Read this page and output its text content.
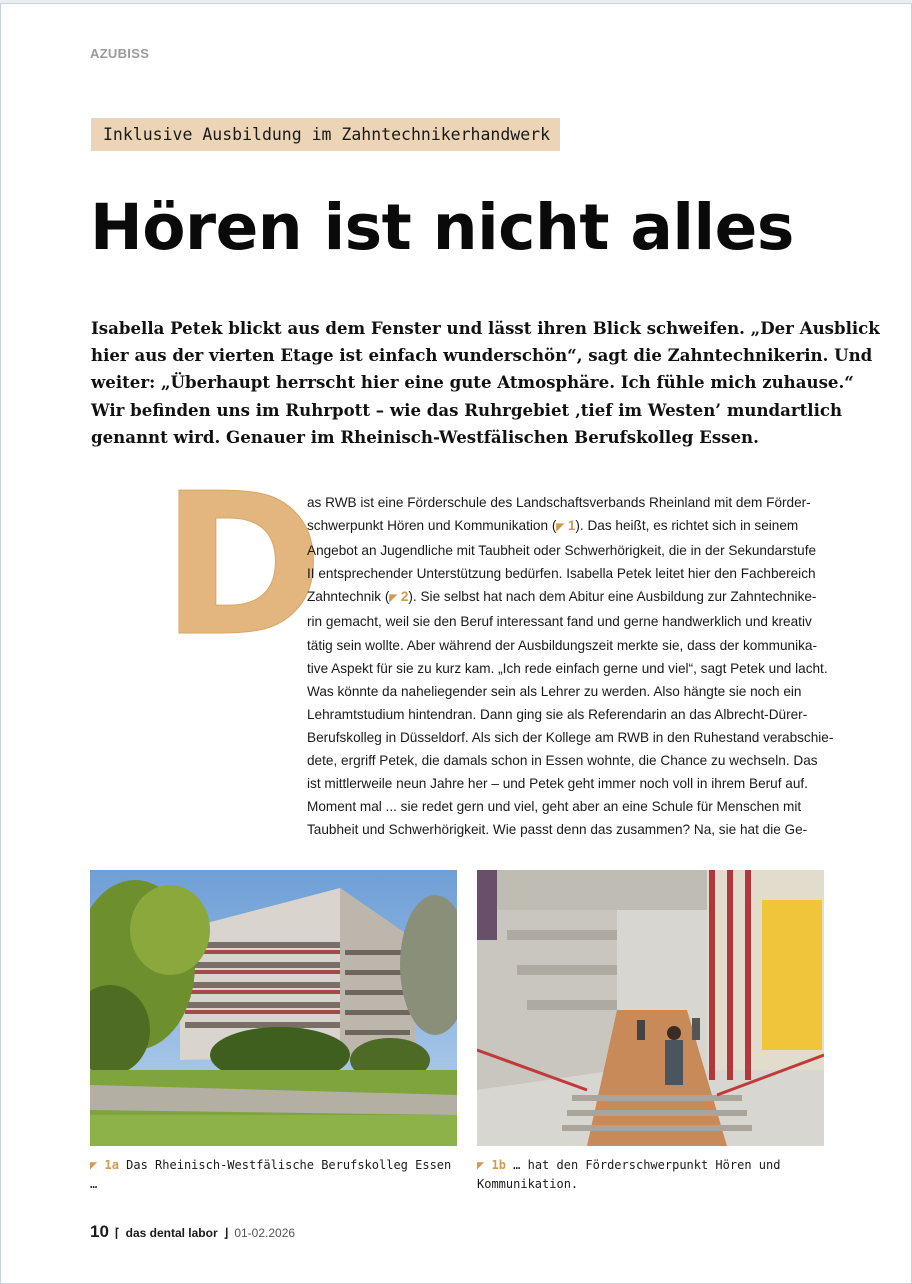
AZUBISS
Inklusive Ausbildung im Zahntechnikerhandwerk
Hören ist nicht alles

Isabella Petek blickt aus dem Fenster und lässt ihren Blick schweifen. „Der Ausblick
hier aus der vierten Etage ist einfach wunderschön“, sagt die Zahntechnikerin. Und
weiter: „Überhaupt herrscht hier eine gute Atmosphäre. Ich fühle mich zuhause.“
Wir befinden uns im Ruhrpott – wie das Ruhrgebiet ‚tief im Westen’ mundartlich
genannt wird. Genauer im Rheinisch-Westfälischen Berufskolleg Essen.

D
as RWB ist eine Förderschule des Landschaftsverbands Rheinland mit dem Förder-
schwerpunkt Hören und Kommunikation (◤ 1). Das heißt, es richtet sich in seinem
Angebot an Jugendliche mit Taubheit oder Schwerhörigkeit, die in der Sekundarstufe
II entsprechender Unterstützung bedürfen. Isabella Petek leitet hier den Fachbereich
Zahntechnik (◤ 2). Sie selbst hat nach dem Abitur eine Ausbildung zur Zahntechnike-
rin gemacht, weil sie den Beruf interessant fand und gerne handwerklich und kreativ
tätig sein wollte. Aber während der Ausbildungszeit merkte sie, dass der kommunika-
tive Aspekt für sie zu kurz kam. „Ich rede einfach gerne und viel“, sagt Petek und lacht.
Was könnte da naheliegender sein als Lehrer zu werden. Also hängte sie noch ein
Lehramtstudium hintendran. Dann ging sie als Referendarin an das Albrecht-Dürer-
Berufskolleg in Düsseldorf. Als sich der Kollege am RWB in den Ruhestand verabschie-
dete, ergriff Petek, die damals schon in Essen wohnte, die Chance zu wechseln. Das
ist mittlerweile neun Jahre her – und Petek geht immer noch voll in ihrem Beruf auf.
Moment mal ... sie redet gern und viel, geht aber an eine Schule für Menschen mit
Taubheit und Schwerhörigkeit. Wie passt denn das zusammen? Na, sie hat die Ge-
◤ 1a Das Rheinisch-Westfälische Berufskolleg Essen …
◤ 1b … hat den Förderschwerpunkt Hören und Kommunikation.
10 ⌈ das dental labor ⌋ 01-02.2026
